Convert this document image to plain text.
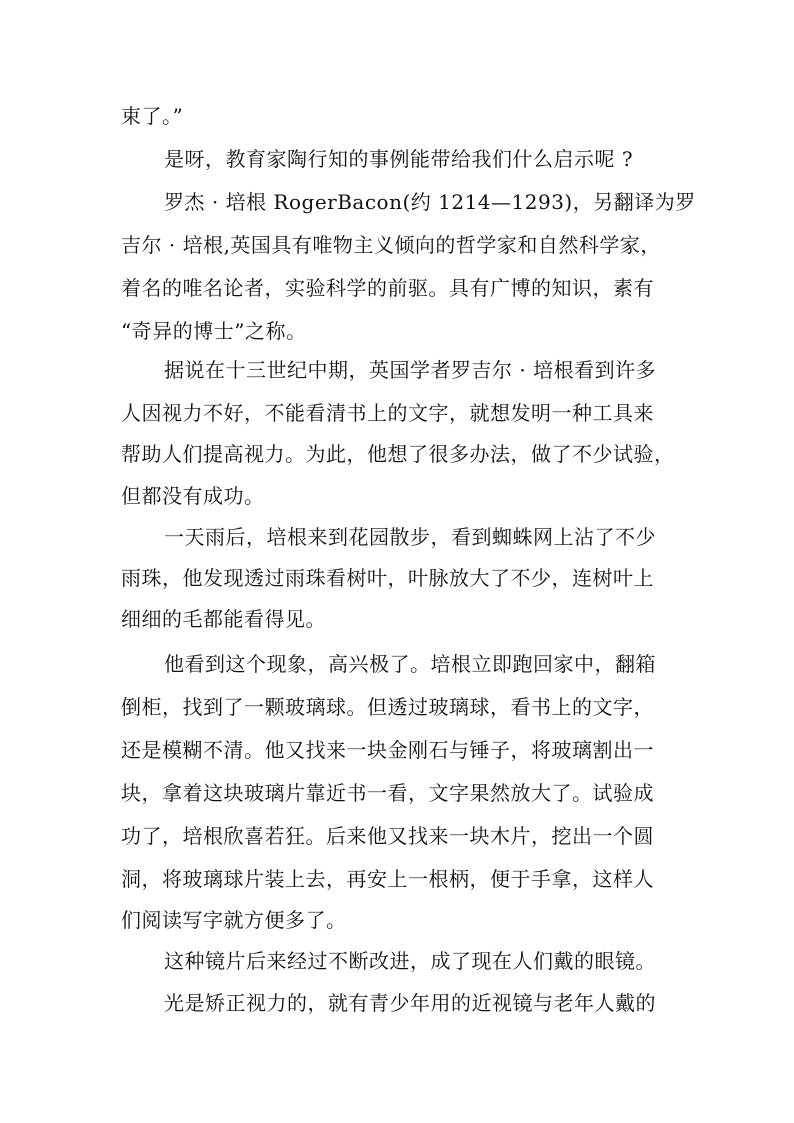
束了。”
是呀，教育家陶行知的事例能带给我们什么启示呢 ?
罗杰 · 培根 RogerBacon(约 1214—1293)，另翻译为罗
吉尔 · 培根,英国具有唯物主义倾向的哲学家和自然科学家，
着名的唯名论者，实验科学的前驱。具有广博的知识，素有
“奇异的博士”之称。
据说在十三世纪中期，英国学者罗吉尔 · 培根看到许多
人因视力不好，不能看清书上的文字，就想发明一种工具来
帮助人们提高视力。为此，他想了很多办法，做了不少试验，
但都没有成功。
一天雨后，培根来到花园散步，看到蜘蛛网上沾了不少
雨珠，他发现透过雨珠看树叶，叶脉放大了不少，连树叶上
细细的毛都能看得见。
他看到这个现象，高兴极了。培根立即跑回家中，翻箱
倒柜，找到了一颗玻璃球。但透过玻璃球，看书上的文字，
还是模糊不清。他又找来一块金刚石与锤子，将玻璃割出一
块，拿着这块玻璃片靠近书一看，文字果然放大了。试验成
功了，培根欣喜若狂。后来他又找来一块木片，挖出一个圆
洞，将玻璃球片装上去，再安上一根柄，便于手拿，这样人
们阅读写字就方便多了。
这种镜片后来经过不断改进，成了现在人们戴的眼镜。
光是矫正视力的，就有青少年用的近视镜与老年人戴的
